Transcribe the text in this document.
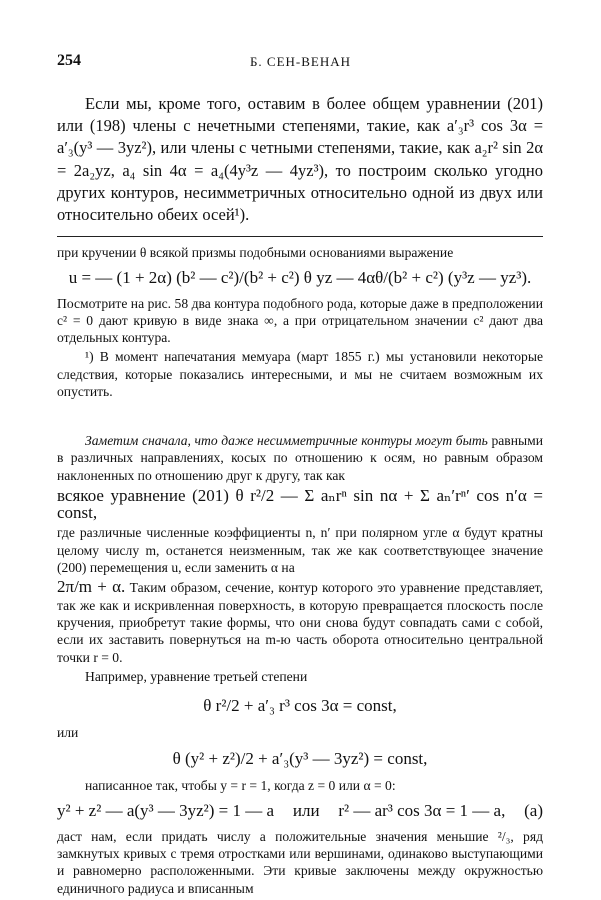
254	Б. СЕН-ВЕНАН

Если мы, кроме того, оставим в более общем уравнении (201) или (198) члены с нечетными степенями, такие, как a′₃r³ cos 3α = a′₃(y³ — 3yz²), или члены с четными степенями, такие, как a₂r² sin 2α = 2a₂yz, a₄ sin 4α = a₄(4y³z — 4yz³), то построим сколько угодно других контуров, несимметричных относительно одной из двух или относительно обеих осей¹).

при кручении θ всякой призмы подобными основаниями выражение

u = — (1 + 2α) (b² — c²)/(b² + c²) θ yz — 4αθ/(b² + c²) (y³z — yz³).

Посмотрите на рис. 58 два контура подобного рода, которые даже в предположении c² = 0 дают кривую в виде знака ∞, а при отрицательном значении c² дают два отдельных контура.

¹) В момент напечатания мемуара (март 1855 г.) мы установили некоторые следствия, которые показались интересными, и мы не считаем возможным их опустить.

Заметим сначала, что даже несимметричные контуры могут быть равными в различных направлениях, косых по отношению к осям, но равным образом наклоненных по отношению друг к другу, так как

всякое уравнение (201) θ r²/2 — Σ aₙrⁿ sin nα + Σ aₙ′rⁿ′ cos n′α = const,

где различные численные коэффициенты n, n′ при полярном угле α будут кратны целому числу m, останется неизменным, так же как соответствующее значение (200) перемещения u, если заменить α на

2π/m + α. Таким образом, сечение, контур которого это уравнение представляет, так же как и искривленная поверхность, в которую превращается плоскость после кручения, приобретут такие формы, что они снова будут совпадать сами с собой, если их заставить повернуться на m-ю часть оборота относительно центральной точки r = 0.

Например, уравнение третьей степени

θ r²/2 + a′₃ r³ cos 3α = const,

или

θ (y² + z²)/2 + a′₃(y³ — 3yz²) = const,

написанное так, чтобы y = r = 1, когда z = 0 или α = 0:

y² + z² — a(y³ — 3yz²) = 1 — a или r² — ar³ cos 3α = 1 — a, (a)

даст нам, если придать числу a положительные значения меньшие ²/₃, ряд замкнутых кривых с тремя отростками или вершинами, одинаково выступающими и равномерно расположенными. Эти кривые заключены между окружностью единичного радиуса и вписанным
